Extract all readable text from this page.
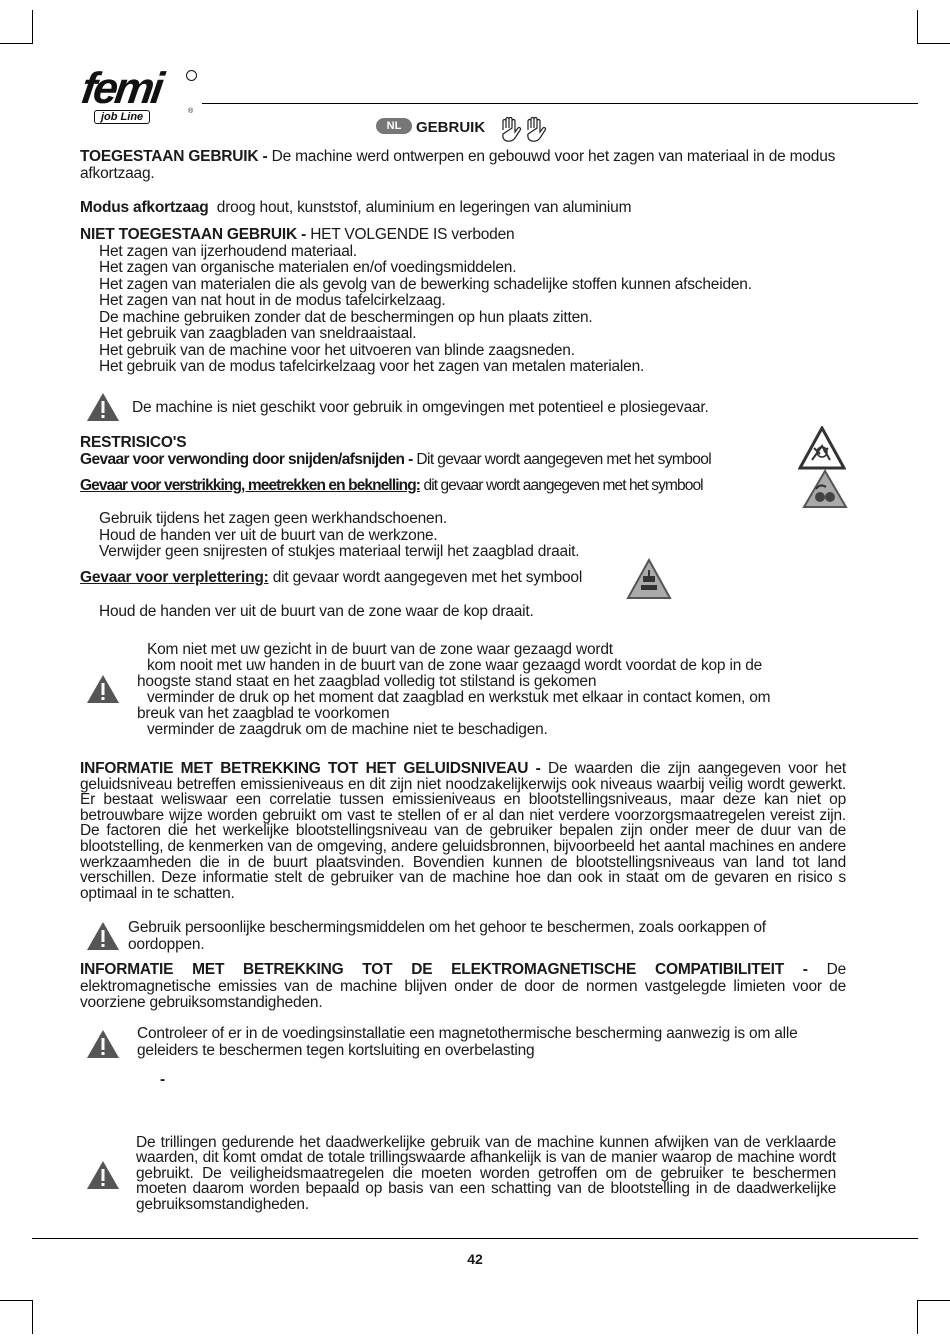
femi
job Line	®
NL GEBRUIK
TOEGESTAAN GEBRUIK - De machine werd ontwerpen en gebouwd voor het zagen van materiaal in de modus afkortzaag.
Modus afkortzaag droog hout, kunststof, aluminium en legeringen van aluminium
NIET TOEGESTAAN GEBRUIK - HET VOLGENDE IS verboden
Het zagen van ijzerhoudend materiaal.
Het zagen van organische materialen en/of voedingsmiddelen.
Het zagen van materialen die als gevolg van de bewerking schadelijke stoffen kunnen afscheiden.
Het zagen van nat hout in de modus tafelcirkelzaag.
De machine gebruiken zonder dat de beschermingen op hun plaats zitten.
Het gebruik van zaagbladen van sneldraaistaal.
Het gebruik van de machine voor het uitvoeren van blinde zaagsneden.
Het gebruik van de modus tafelcirkelzaag voor het zagen van metalen materialen.
De machine is niet geschikt voor gebruik in omgevingen met potentieel e plosiegevaar.
RESTRISICO'S
Gevaar voor verwonding door snijden/afsnijden - Dit gevaar wordt aangegeven met het symbool
Gevaar voor verstrikking, meetrekken en beknelling: dit gevaar wordt aangegeven met het symbool
Gebruik tijdens het zagen geen werkhandschoenen.
Houd de handen ver uit de buurt van de werkzone.
Verwijder geen snijresten of stukjes materiaal terwijl het zaagblad draait.
Gevaar voor verplettering: dit gevaar wordt aangegeven met het symbool
Houd de handen ver uit de buurt van de zone waar de kop draait.
Kom niet met uw gezicht in de buurt van de zone waar gezaagd wordt
kom nooit met uw handen in de buurt van de zone waar gezaagd wordt voordat de kop in de
hoogste stand staat en het zaagblad volledig tot stilstand is gekomen
verminder de druk op het moment dat zaagblad en werkstuk met elkaar in contact komen, om
breuk van het zaagblad te voorkomen
verminder de zaagdruk om de machine niet te beschadigen.
INFORMATIE MET BETREKKING TOT HET GELUIDSNIVEAU - De waarden die zijn aangegeven voor het geluidsniveau betreffen emissieniveaus en dit zijn niet noodzakelijkerwijs ook niveaus waarbij veilig wordt gewerkt. Er bestaat weliswaar een correlatie tussen emissieniveaus en blootstellingsniveaus, maar deze kan niet op betrouwbare wijze worden gebruikt om vast te stellen of er al dan niet verdere voorzorgsmaatregelen vereist zijn. De factoren die het werkelijke blootstellingsniveau van de gebruiker bepalen zijn onder meer de duur van de blootstelling, de kenmerken van de omgeving, andere geluidsbronnen, bijvoorbeeld het aantal machines en andere werkzaamheden die in de buurt plaatsvinden. Bovendien kunnen de blootstellingsniveaus van land tot land verschillen. Deze informatie stelt de gebruiker van de machine hoe dan ook in staat om de gevaren en risico s optimaal in te schatten.
Gebruik persoonlijke beschermingsmiddelen om het gehoor te beschermen, zoals oorkappen of oordoppen.
INFORMATIE MET BETREKKING TOT DE ELEKTROMAGNETISCHE COMPATIBILITEIT - De elektromagnetische emissies van de machine blijven onder de door de normen vastgelegde limieten voor de voorziene gebruiksomstandigheden.
Controleer of er in de voedingsinstallatie een magnetothermische bescherming aanwezig is om alle geleiders te beschermen tegen kortsluiting en overbelasting
-
De trillingen gedurende het daadwerkelijke gebruik van de machine kunnen afwijken van de verklaarde waarden, dit komt omdat de totale trillingswaarde afhankelijk is van de manier waarop de machine wordt gebruikt. De veiligheidsmaatregelen die moeten worden getroffen om de gebruiker te beschermen moeten daarom worden bepaald op basis van een schatting van de blootstelling in de daadwerkelijke gebruiksomstandigheden.
42
